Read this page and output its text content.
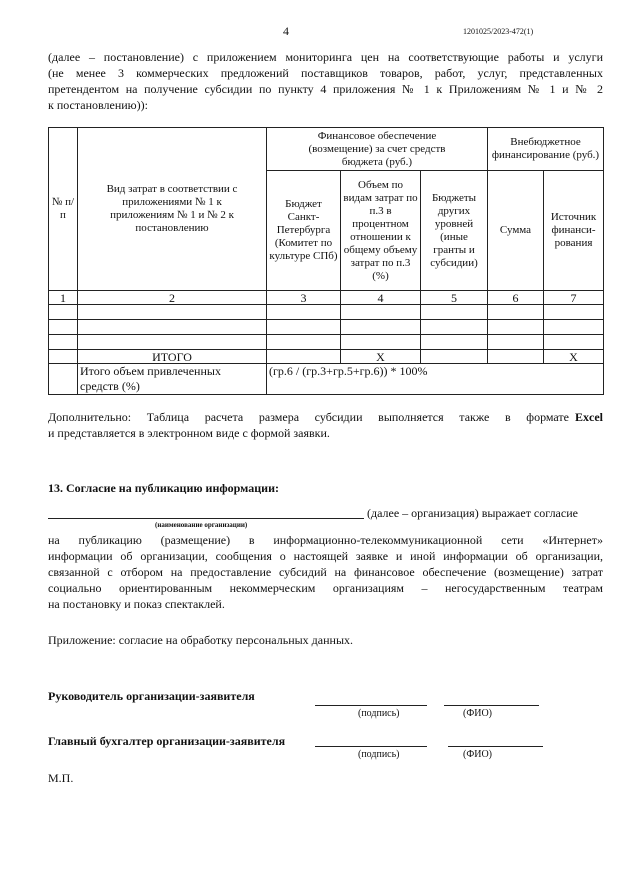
4	1201025/2023-472(1)
(далее – постановление) с приложением мониторинга цен на соответствующие работы и услуги
(не менее 3 коммерческих предложений поставщиков товаров, работ, услуг, представленных
претендентом на получение субсидии по пункту 4 приложения № 1 к Приложениям № 1 и № 2
к постановлению)):
№ п/п	Вид затрат в соответствии с приложениями № 1 к приложениям № 1 и № 2 к постановлению	Финансовое обеспечение (возмещение) за счет средств бюджета (руб.)			Внебюджетное финансирование (руб.)	
		Бюджет Санкт-Петербурга (Комитет по культуре СПб)	Объем по видам затрат по п.3 в процентном отношении к общему объему затрат по п.3 (%)	Бюджеты других уровней (иные гранты и субсидии)	Сумма	Источник финанси-рования
1	2	3	4	5	6	7

	ИТОГО		X			X
	Итого объем привлеченных средств (%)	(гр.6 / (гр.3+гр.5+гр.6)) * 100%				
Дополнительно: Таблица расчета размера субсидии выполняется также в формате Excel
и представляется в электронном виде с формой заявки.
13. Согласие на публикацию информации:
(далее – организация) выражает согласие
(наименование организации)
на публикацию (размещение) в информационно-телекоммуникационной сети «Интернет»
информации об организации, сообщения о настоящей заявке и иной информации об организации,
связанной с отбором на предоставление субсидий на финансовое обеспечение (возмещение) затрат
социально ориентированным некоммерческим организациям – негосударственным театрам
на постановку и показ спектаклей.
Приложение: согласие на обработку персональных данных.
Руководитель организации-заявителя
(подпись)	(ФИО)
Главный бухгалтер организации-заявителя
(подпись)	(ФИО)
М.П.
